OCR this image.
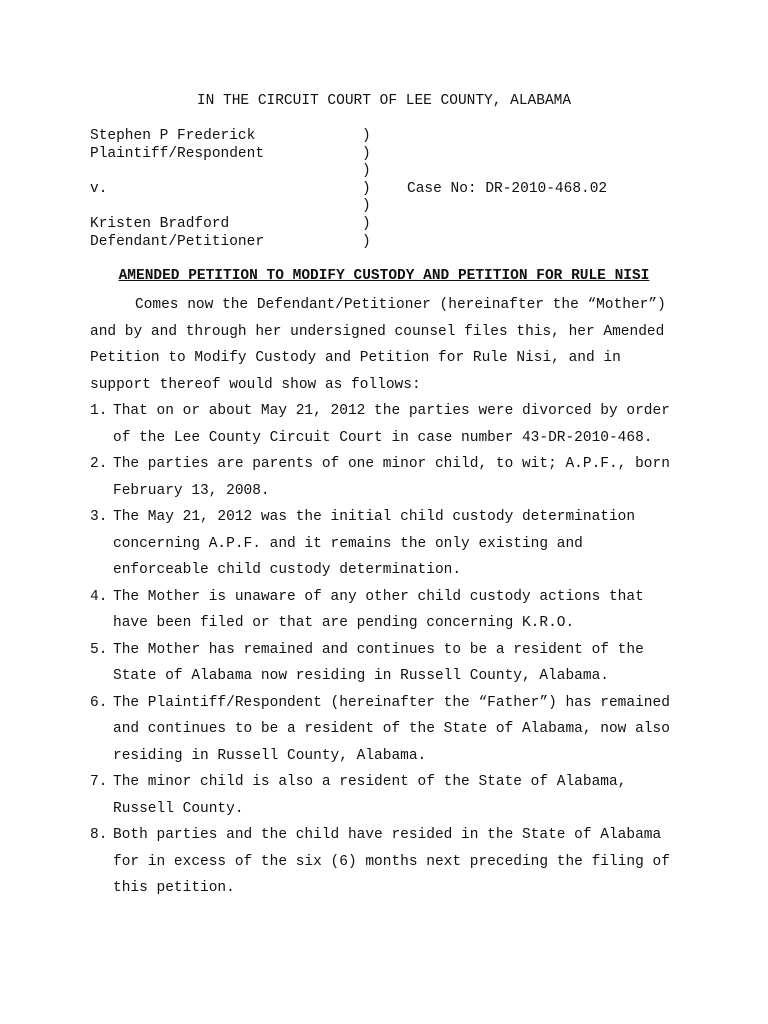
IN THE CIRCUIT COURT OF LEE COUNTY, ALABAMA
Stephen P Frederick
Plaintiff/Respondent
v.
Kristen Bradford
Defendant/Petitioner
Case No: DR-2010-468.02
)
)
)
)
)
)
)
AMENDED PETITION TO MODIFY CUSTODY AND PETITION FOR RULE NISI
Comes now the Defendant/Petitioner (hereinafter the “Mother”) and by and through her undersigned counsel files this, her Amended Petition to Modify Custody and Petition for Rule Nisi, and in support thereof would show as follows:
1. That on or about May 21, 2012 the parties were divorced by order of the Lee County Circuit Court in case number 43-DR-2010-468.
2. The parties are parents of one minor child, to wit; A.P.F., born February 13, 2008.
3. The May 21, 2012 was the initial child custody determination concerning A.P.F. and it remains the only existing and enforceable child custody determination.
4. The Mother is unaware of any other child custody actions that have been filed or that are pending concerning K.R.O.
5. The Mother has remained and continues to be a resident of the State of Alabama now residing in Russell County, Alabama.
6. The Plaintiff/Respondent (hereinafter the “Father”) has remained and continues to be a resident of the State of Alabama, now also residing in Russell County, Alabama.
7. The minor child is also a resident of the State of Alabama, Russell County.
8. Both parties and the child have resided in the State of Alabama for in excess of the six (6) months next preceding the filing of this petition.
